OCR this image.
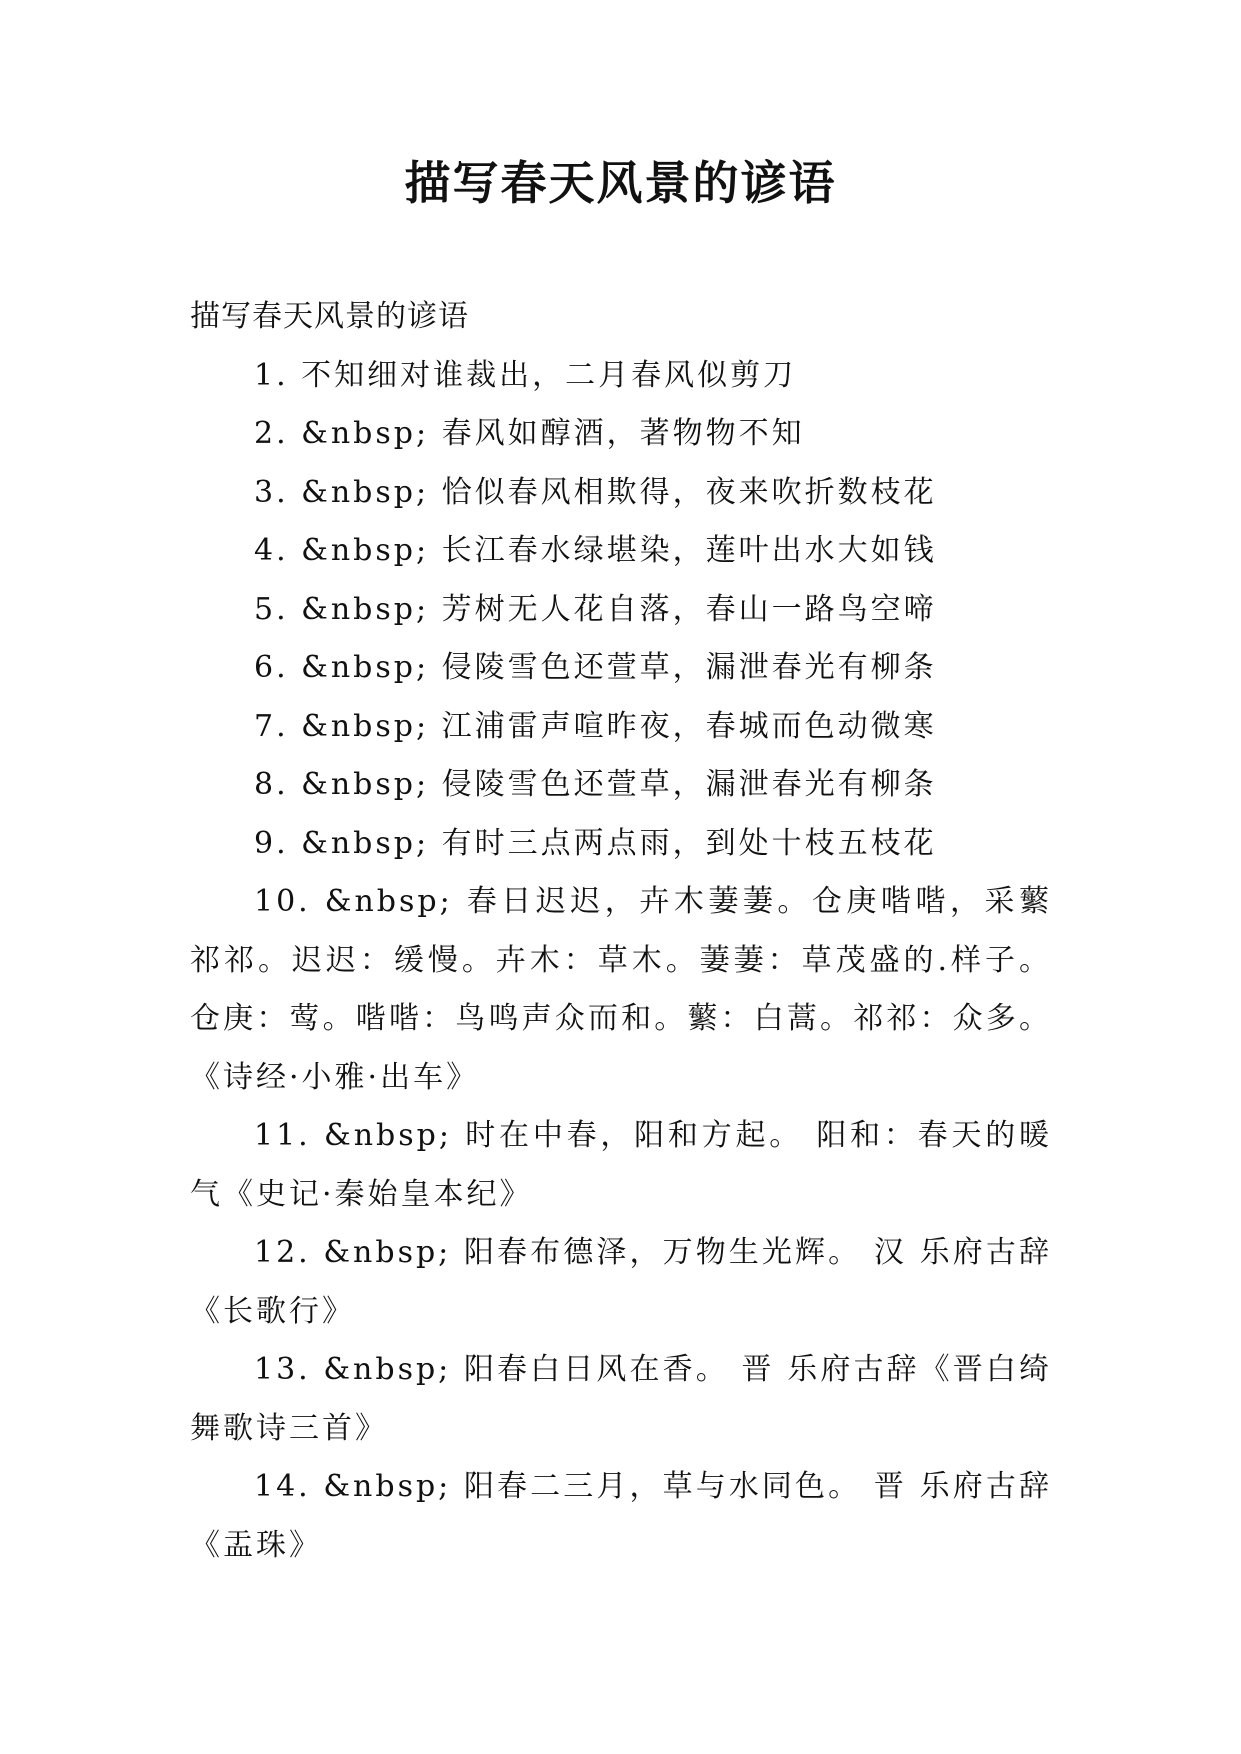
描写春天风景的谚语

描写春天风景的谚语

1. 不知细对谁裁出，二月春风似剪刀

2. &nbsp; 春风如醇酒，著物物不知

3. &nbsp; 恰似春风相欺得，夜来吹折数枝花

4. &nbsp; 长江春水绿堪染，莲叶出水大如钱

5. &nbsp; 芳树无人花自落，春山一路鸟空啼

6. &nbsp; 侵陵雪色还萱草，漏泄春光有柳条

7. &nbsp; 江浦雷声喧昨夜，春城而色动微寒

8. &nbsp; 侵陵雪色还萱草，漏泄春光有柳条

9. &nbsp; 有时三点两点雨，到处十枝五枝花

10. &nbsp; 春日迟迟，卉木萋萋。仓庚喈喈，采蘩祁祁。迟迟：缓慢。卉木：草木。萋萋：草茂盛的.样子。仓庚：莺。喈喈：鸟鸣声众而和。蘩：白蒿。祁祁：众多。《诗经·小雅·出车》

11. &nbsp; 时在中春，阳和方起。 阳和：春天的暖气《史记·秦始皇本纪》

12. &nbsp; 阳春布德泽，万物生光辉。 汉 乐府古辞《长歌行》

13. &nbsp; 阳春白日风在香。 晋 乐府古辞《晋白绮舞歌诗三首》

14. &nbsp; 阳春二三月，草与水同色。 晋 乐府古辞《盂珠》
